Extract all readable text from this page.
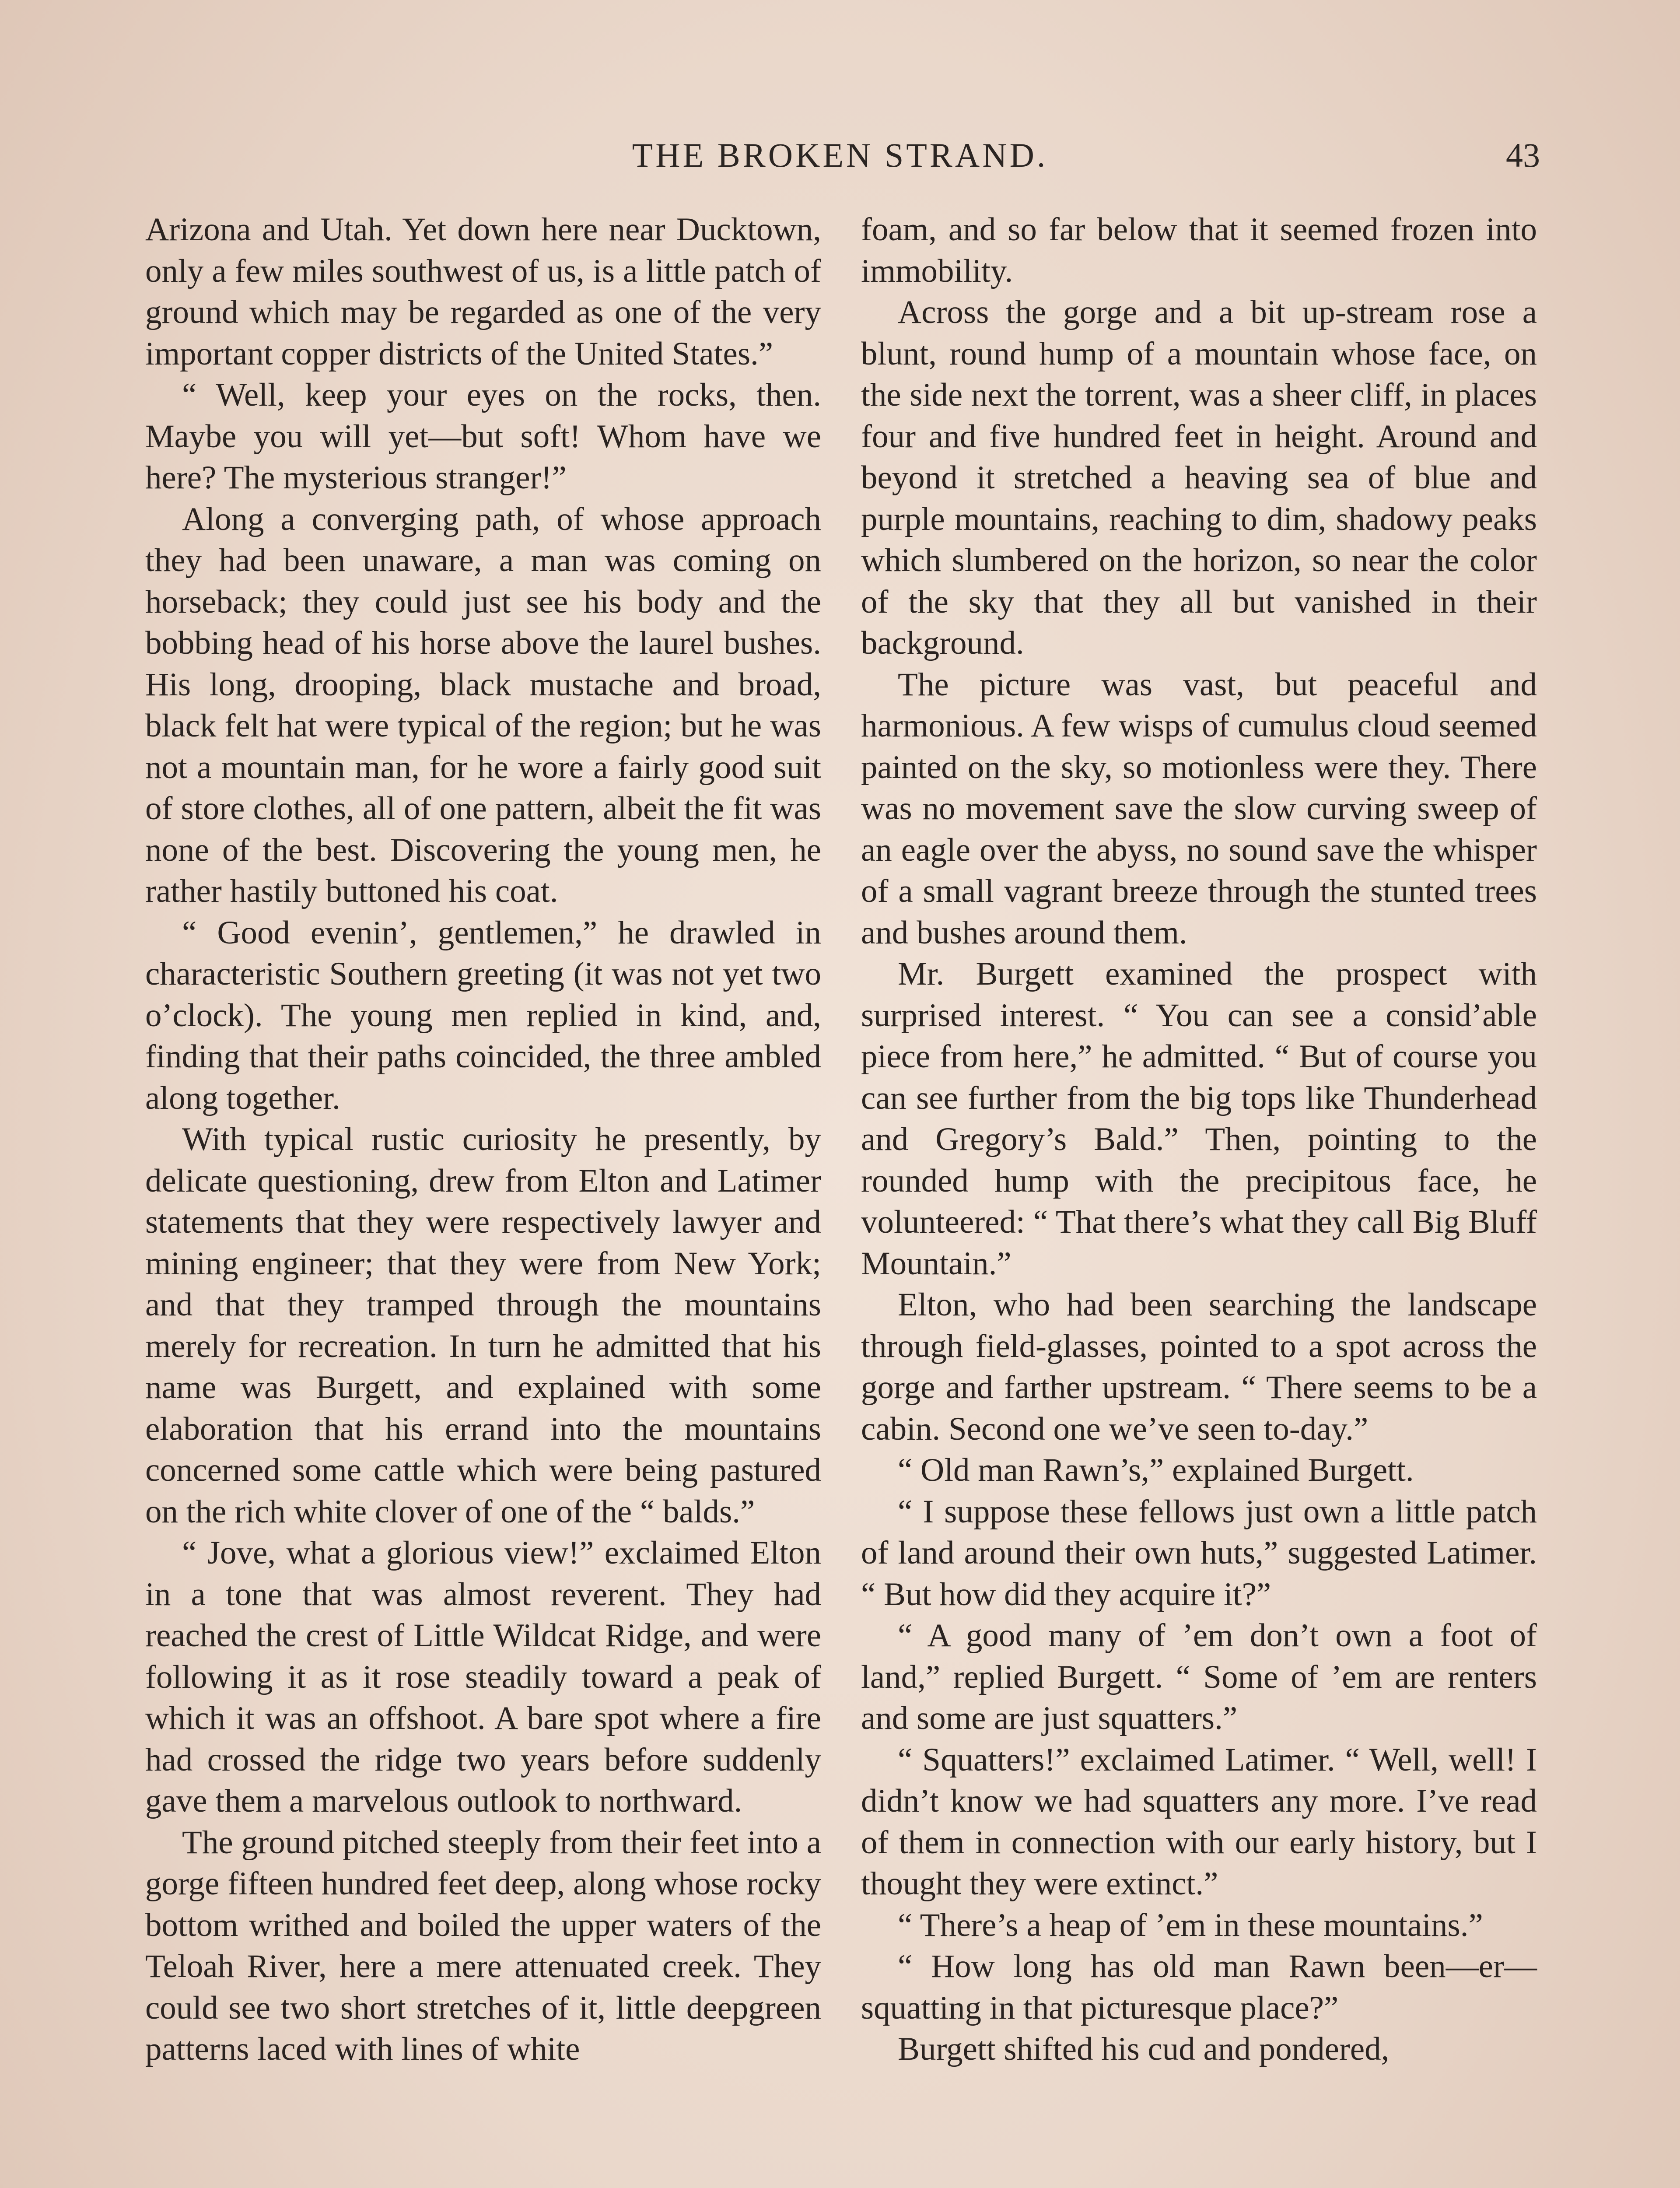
THE BROKEN STRAND.	43

Arizona and Utah. Yet down here near Ducktown, only a few miles southwest of us, is a little patch of ground which may be regarded as one of the very important copper districts of the United States.”

“ Well, keep your eyes on the rocks, then. Maybe you will yet—but soft! Whom have we here? The mysterious stranger!”

Along a converging path, of whose approach they had been unaware, a man was coming on horseback; they could just see his body and the bobbing head of his horse above the laurel bushes. His long, drooping, black mustache and broad, black felt hat were typical of the region; but he was not a mountain man, for he wore a fairly good suit of store clothes, all of one pattern, albeit the fit was none of the best. Discovering the young men, he rather hastily buttoned his coat.

“ Good evenin’, gentlemen,” he drawled in characteristic Southern greeting (it was not yet two o’clock). The young men replied in kind, and, finding that their paths coincided, the three ambled along together.

With typical rustic curiosity he presently, by delicate questioning, drew from Elton and Latimer statements that they were respectively lawyer and mining engineer; that they were from New York; and that they tramped through the mountains merely for recreation. In turn he admitted that his name was Burgett, and explained with some elaboration that his errand into the mountains concerned some cattle which were being pastured on the rich white clover of one of the “ balds.”

“ Jove, what a glorious view!” exclaimed Elton in a tone that was almost reverent. They had reached the crest of Little Wildcat Ridge, and were following it as it rose steadily toward a peak of which it was an offshoot. A bare spot where a fire had crossed the ridge two years before suddenly gave them a marvelous outlook to northward.

The ground pitched steeply from their feet into a gorge fifteen hundred feet deep, along whose rocky bottom writhed and boiled the upper waters of the Teloah River, here a mere attenuated creek. They could see two short stretches of it, little deepgreen patterns laced with lines of white

foam, and so far below that it seemed frozen into immobility.

Across the gorge and a bit up-stream rose a blunt, round hump of a mountain whose face, on the side next the torrent, was a sheer cliff, in places four and five hundred feet in height. Around and beyond it stretched a heaving sea of blue and purple mountains, reaching to dim, shadowy peaks which slumbered on the horizon, so near the color of the sky that they all but vanished in their background.

The picture was vast, but peaceful and harmonious. A few wisps of cumulus cloud seemed painted on the sky, so motionless were they. There was no movement save the slow curving sweep of an eagle over the abyss, no sound save the whisper of a small vagrant breeze through the stunted trees and bushes around them.

Mr. Burgett examined the prospect with surprised interest. “ You can see a consid’able piece from here,” he admitted. “ But of course you can see further from the big tops like Thunderhead and Gregory’s Bald.” Then, pointing to the rounded hump with the precipitous face, he volunteered: “ That there’s what they call Big Bluff Mountain.”

Elton, who had been searching the landscape through field-glasses, pointed to a spot across the gorge and farther upstream. “ There seems to be a cabin. Second one we’ve seen to-day.”

“ Old man Rawn’s,” explained Burgett.

“ I suppose these fellows just own a little patch of land around their own huts,” suggested Latimer. “ But how did they acquire it?”

“ A good many of ’em don’t own a foot of land,” replied Burgett. “ Some of ’em are renters and some are just squatters.”

“ Squatters!” exclaimed Latimer. “ Well, well! I didn’t know we had squatters any more. I’ve read of them in connection with our early history, but I thought they were extinct.”

“ There’s a heap of ’em in these mountains.”

“ How long has old man Rawn been—er—squatting in that picturesque place?”

Burgett shifted his cud and pondered,
